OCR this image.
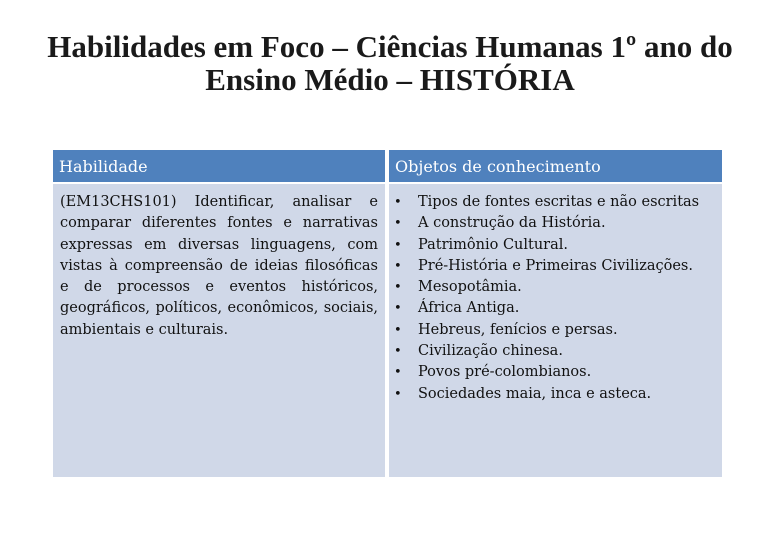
Habilidades em Foco – Ciências Humanas 1º ano do Ensino Médio – HISTÓRIA
Habilidade	Objetos de conhecimento
(EM13CHS101) Identificar, analisar e comparar diferentes fontes e narrativas expressas em diversas linguagens, com vistas à compreensão de ideias filosóficas e de processos e eventos históricos, geográficos, políticos, econômicos, sociais, ambientais e culturais.
• Tipos de fontes escritas e não escritas
• A construção da História.
• Patrimônio Cultural.
• Pré-História e Primeiras Civilizações.
• Mesopotâmia.
• África Antiga.
• Hebreus, fenícios e persas.
• Civilização chinesa.
• Povos pré-colombianos.
• Sociedades maia, inca e asteca.
